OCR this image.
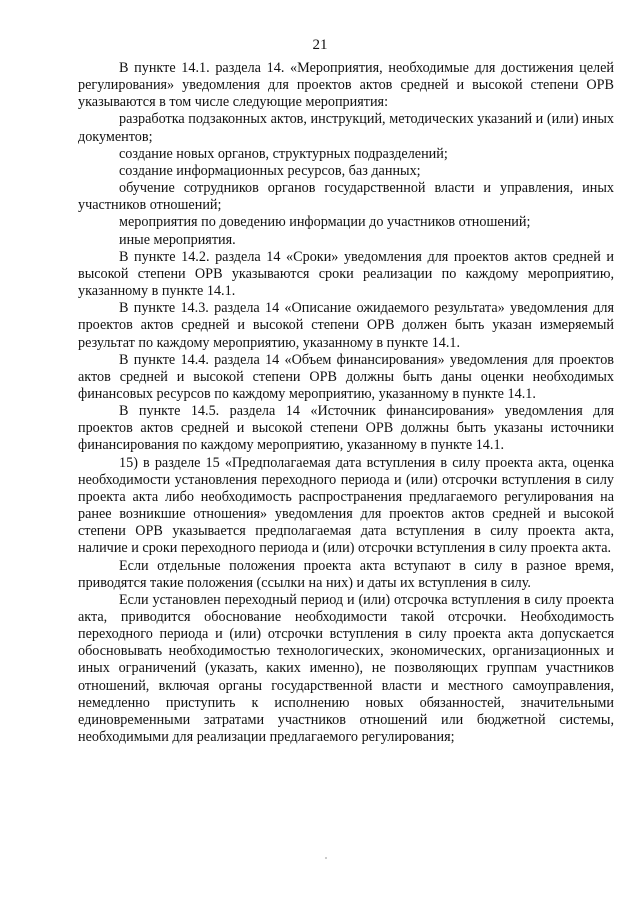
21

В пункте 14.1. раздела 14. «Мероприятия, необходимые для достижения целей регулирования» уведомления для проектов актов средней и высокой степени ОРВ указываются в том числе следующие мероприятия:

разработка подзаконных актов, инструкций, методических указаний и (или) иных документов;

создание новых органов, структурных подразделений;

создание информационных ресурсов, баз данных;

обучение сотрудников органов государственной власти и управления, иных участников отношений;

мероприятия по доведению информации до участников отношений;

иные мероприятия.

В пункте 14.2. раздела 14 «Сроки» уведомления для проектов актов средней и высокой степени ОРВ указываются сроки реализации по каждому мероприятию, указанному в пункте 14.1.

В пункте 14.3. раздела 14 «Описание ожидаемого результата» уведомления для проектов актов средней и высокой степени ОРВ должен быть указан измеряемый результат по каждому мероприятию, указанному в пункте 14.1.

В пункте 14.4. раздела 14 «Объем финансирования» уведомления для проектов актов средней и высокой степени ОРВ должны быть даны оценки необходимых финансовых ресурсов по каждому мероприятию, указанному в пункте 14.1.

В пункте 14.5. раздела 14 «Источник финансирования» уведомления для проектов актов средней и высокой степени ОРВ должны быть указаны источники финансирования по каждому мероприятию, указанному в пункте 14.1.

15) в разделе 15 «Предполагаемая дата вступления в силу проекта акта, оценка необходимости установления переходного периода и (или) отсрочки вступления в силу проекта акта либо необходимость распространения предлагаемого регулирования на ранее возникшие отношения» уведомления для проектов актов средней и высокой степени ОРВ указывается предполагаемая дата вступления в силу проекта акта, наличие и сроки переходного периода и (или) отсрочки вступления в силу проекта акта.

Если отдельные положения проекта акта вступают в силу в разное время, приводятся такие положения (ссылки на них) и даты их вступления в силу.

Если установлен переходный период и (или) отсрочка вступления в силу проекта акта, приводится обоснование необходимости такой отсрочки. Необходимость переходного периода и (или) отсрочки вступления в силу проекта акта допускается обосновывать необходимостью технологических, экономических, организационных и иных ограничений (указать, каких именно), не позволяющих группам участников отношений, включая органы государственной власти и местного самоуправления, немедленно приступить к исполнению новых обязанностей, значительными единовременными затратами участников отношений или бюджетной системы, необходимыми для реализации предлагаемого регулирования;
